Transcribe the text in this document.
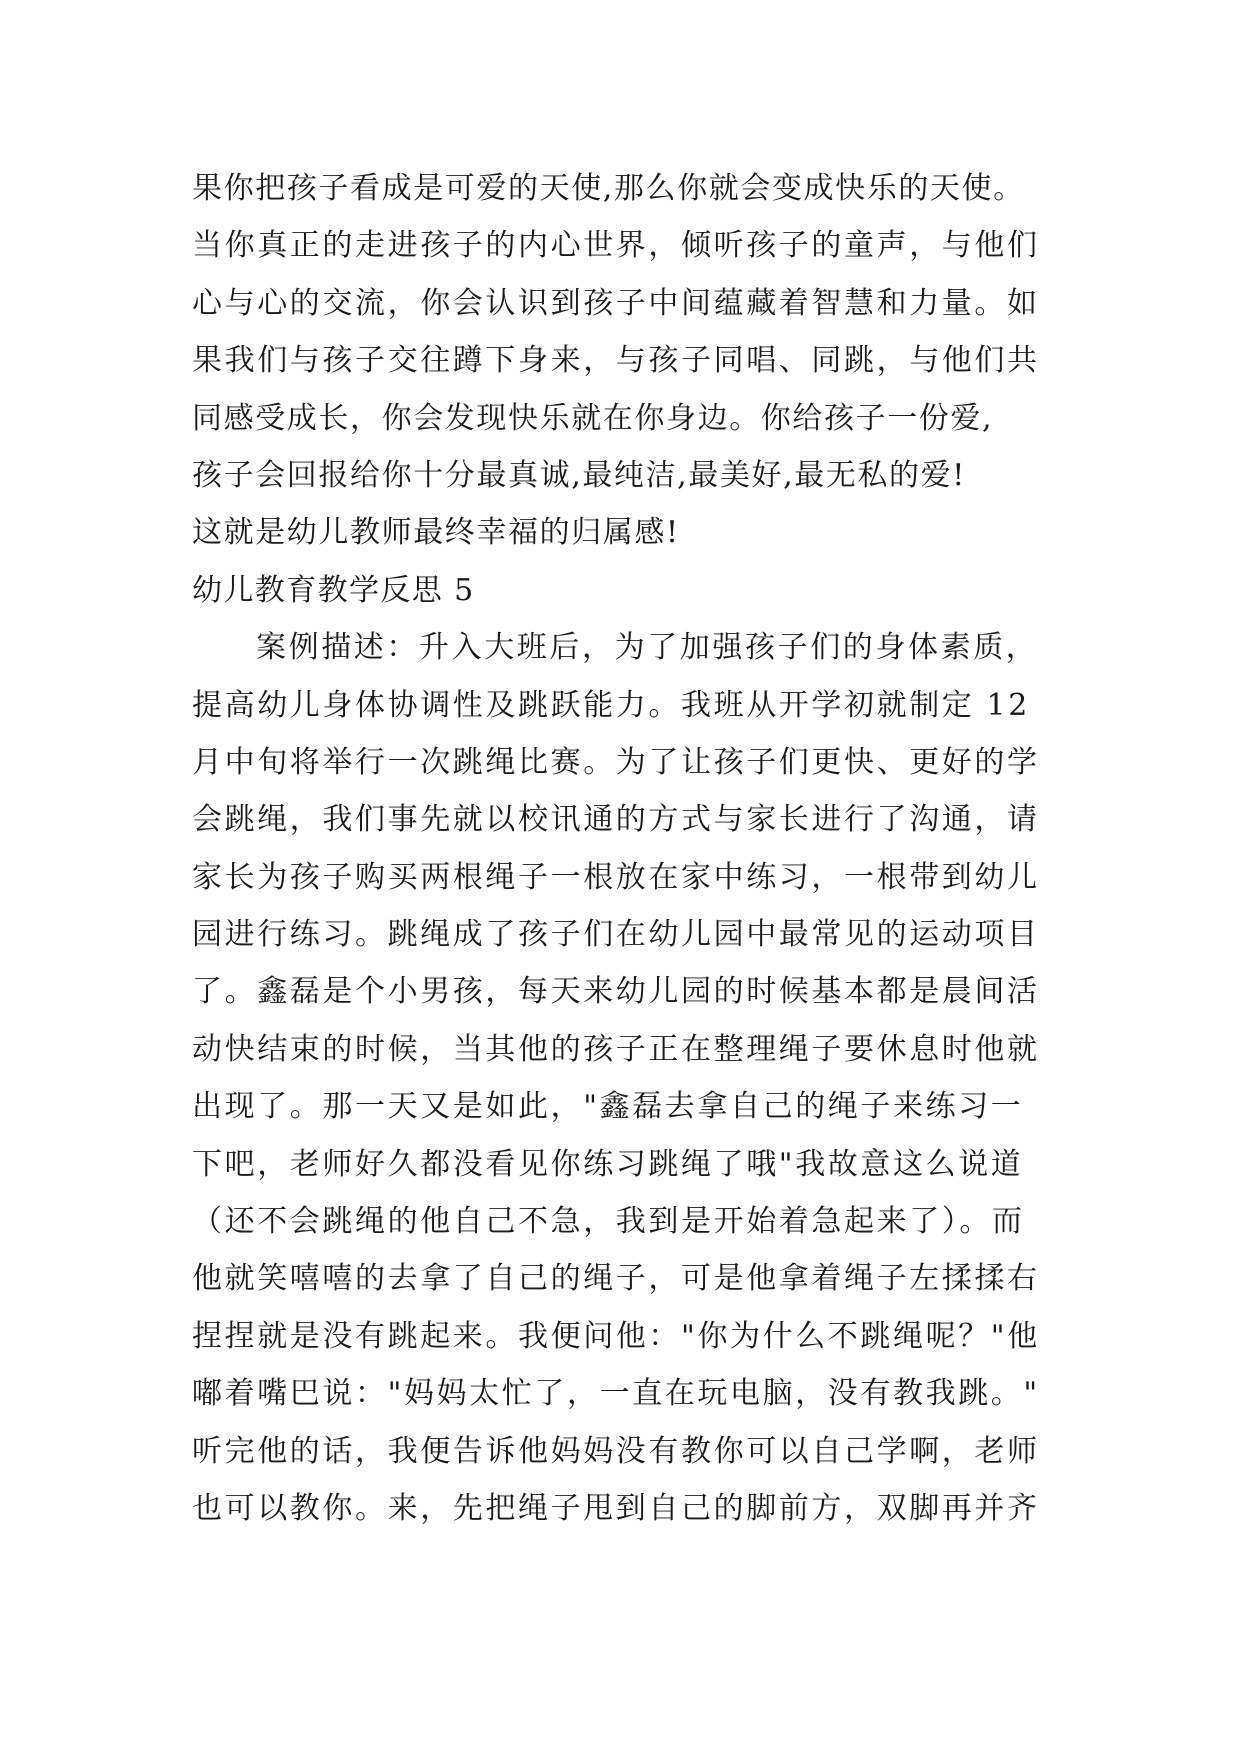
果你把孩子看成是可爱的天使,那么你就会变成快乐的天使。
当你真正的走进孩子的内心世界，倾听孩子的童声，与他们
心与心的交流，你会认识到孩子中间蕴藏着智慧和力量。如
果我们与孩子交往蹲下身来，与孩子同唱、同跳，与他们共
同感受成长，你会发现快乐就在你身边。你给孩子一份爱,
孩子会回报给你十分最真诚,最纯洁,最美好,最无私的爱!
这就是幼儿教师最终幸福的归属感!
幼儿教育教学反思 5
案例描述：升入大班后，为了加强孩子们的身体素质，
提高幼儿身体协调性及跳跃能力。我班从开学初就制定 12
月中旬将举行一次跳绳比赛。为了让孩子们更快、更好的学
会跳绳，我们事先就以校讯通的方式与家长进行了沟通，请
家长为孩子购买两根绳子一根放在家中练习，一根带到幼儿
园进行练习。跳绳成了孩子们在幼儿园中最常见的运动项目
了。鑫磊是个小男孩，每天来幼儿园的时候基本都是晨间活
动快结束的时候，当其他的孩子正在整理绳子要休息时他就
出现了。那一天又是如此，"鑫磊去拿自己的绳子来练习一
下吧，老师好久都没看见你练习跳绳了哦"我故意这么说道
（还不会跳绳的他自己不急，我到是开始着急起来了）。而
他就笑嘻嘻的去拿了自己的绳子，可是他拿着绳子左揉揉右
捏捏就是没有跳起来。我便问他："你为什么不跳绳呢？"他
嘟着嘴巴说："妈妈太忙了，一直在玩电脑，没有教我跳。"
听完他的话，我便告诉他妈妈没有教你可以自己学啊，老师
也可以教你。来，先把绳子甩到自己的脚前方，双脚再并齐
